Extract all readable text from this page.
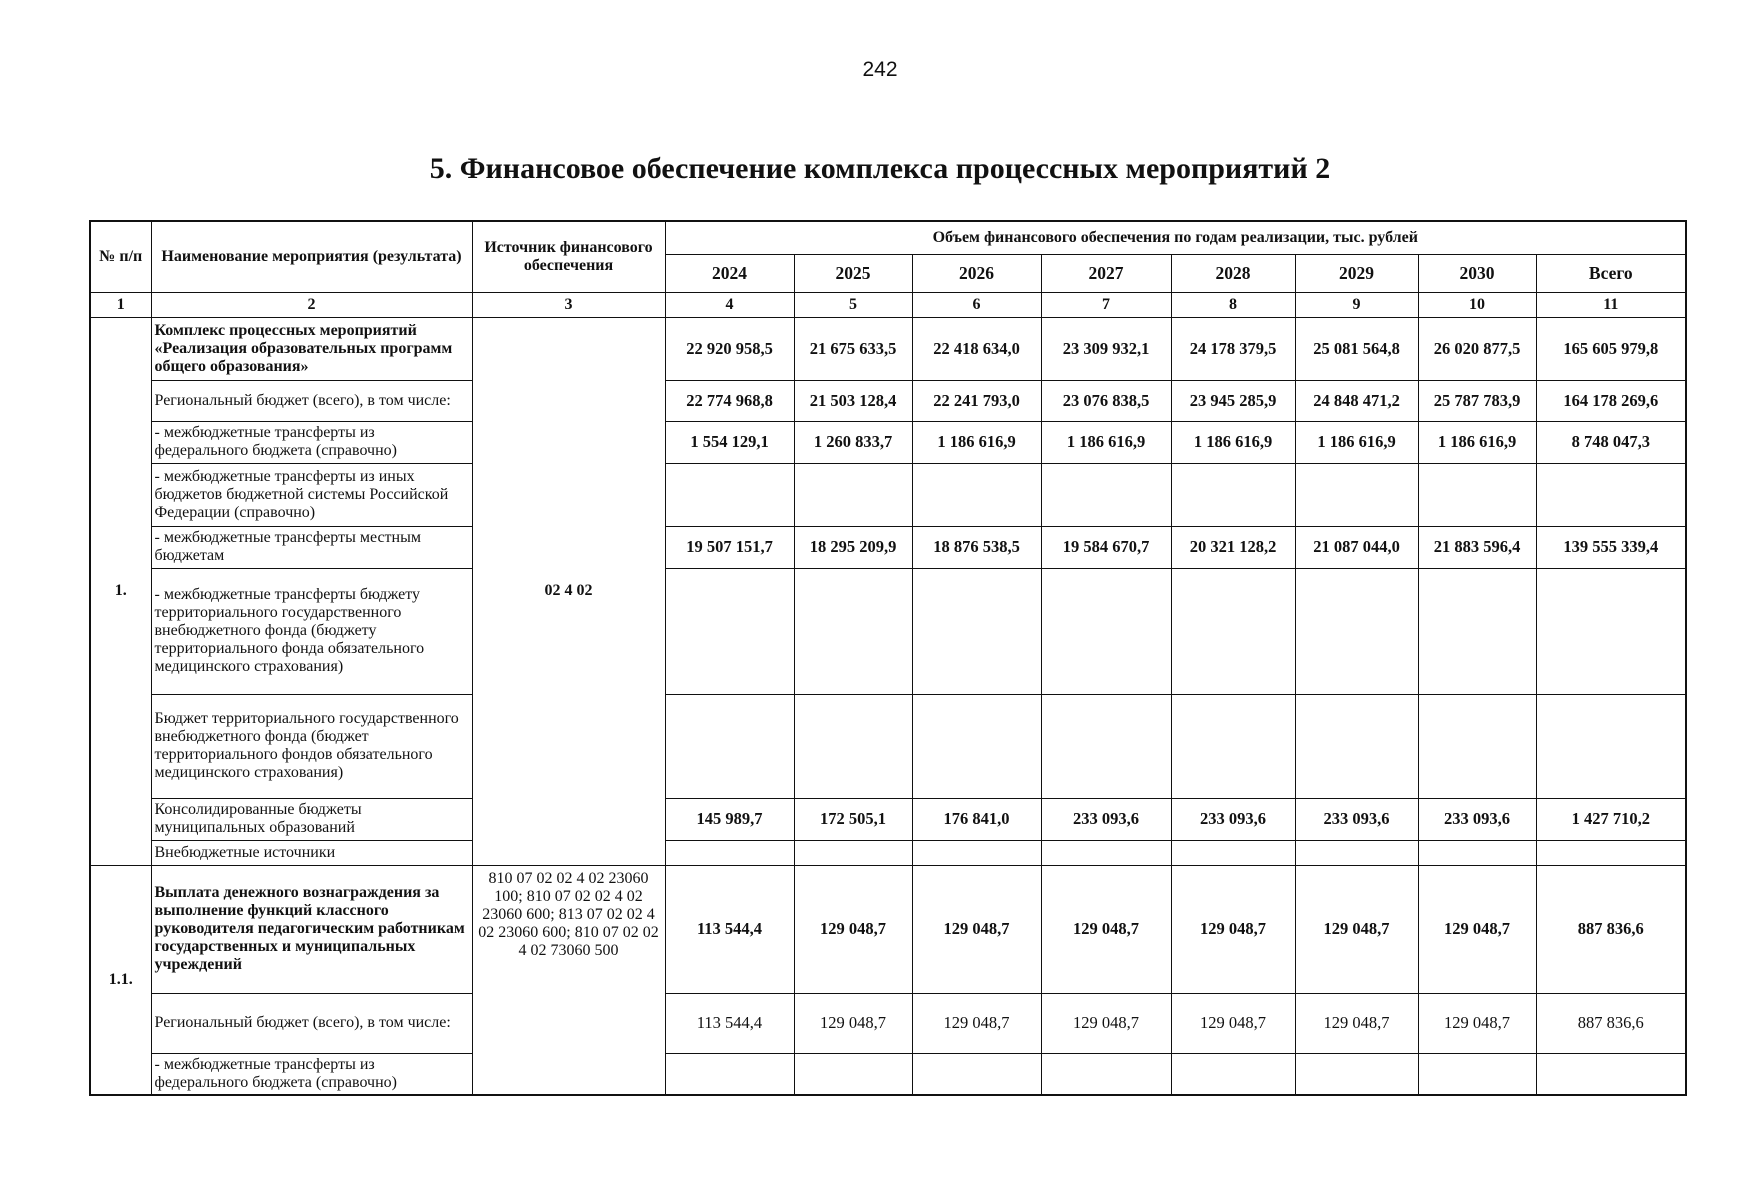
242
5. Финансовое обеспечение комплекса процессных мероприятий 2
№ п/п	Наименование мероприятия (результата)	Источник финансового обеспечения	Объем финансового обеспечения по годам реализации, тыс. рублей							
			2024	2025	2026	2027	2028	2029	2030	Всего
1	2	3	4	5	6	7	8	9	10	11
1.	Комплекс процессных мероприятий «Реализация образовательных программ общего образования»	02 4 02	22 920 958,5	21 675 633,5	22 418 634,0	23 309 932,1	24 178 379,5	25 081 564,8	26 020 877,5	165 605 979,8
	Региональный бюджет (всего), в том числе:		22 774 968,8	21 503 128,4	22 241 793,0	23 076 838,5	23 945 285,9	24 848 471,2	25 787 783,9	164 178 269,6
	- межбюджетные трансферты из федерального бюджета (справочно)		1 554 129,1	1 260 833,7	1 186 616,9	1 186 616,9	1 186 616,9	1 186 616,9	1 186 616,9	8 748 047,3
	- межбюджетные трансферты из иных бюджетов бюджетной системы Российской Федерации (справочно)									
	- межбюджетные трансферты местным бюджетам		19 507 151,7	18 295 209,9	18 876 538,5	19 584 670,7	20 321 128,2	21 087 044,0	21 883 596,4	139 555 339,4
	- межбюджетные трансферты бюджету территориального государственного внебюджетного фонда (бюджету территориального фонда обязательного медицинского страхования)									
	Бюджет территориального государственного внебюджетного фонда (бюджет территориального фондов обязательного медицинского страхования)									
	Консолидированные бюджеты муниципальных образований		145 989,7	172 505,1	176 841,0	233 093,6	233 093,6	233 093,6	233 093,6	1 427 710,2
	Внебюджетные источники									
1.1.	Выплата денежного вознаграждения за выполнение функций классного руководителя педагогическим работникам государственных и муниципальных учреждений	810 07 02 02 4 02 23060 100; 810 07 02 02 4 02 23060 600; 813 07 02 02 4 02 23060 600; 810 07 02 02 4 02 73060 500	113 544,4	129 048,7	129 048,7	129 048,7	129 048,7	129 048,7	129 048,7	887 836,6
	Региональный бюджет (всего), в том числе:		113 544,4	129 048,7	129 048,7	129 048,7	129 048,7	129 048,7	129 048,7	887 836,6
	- межбюджетные трансферты из федерального бюджета (справочно)									
